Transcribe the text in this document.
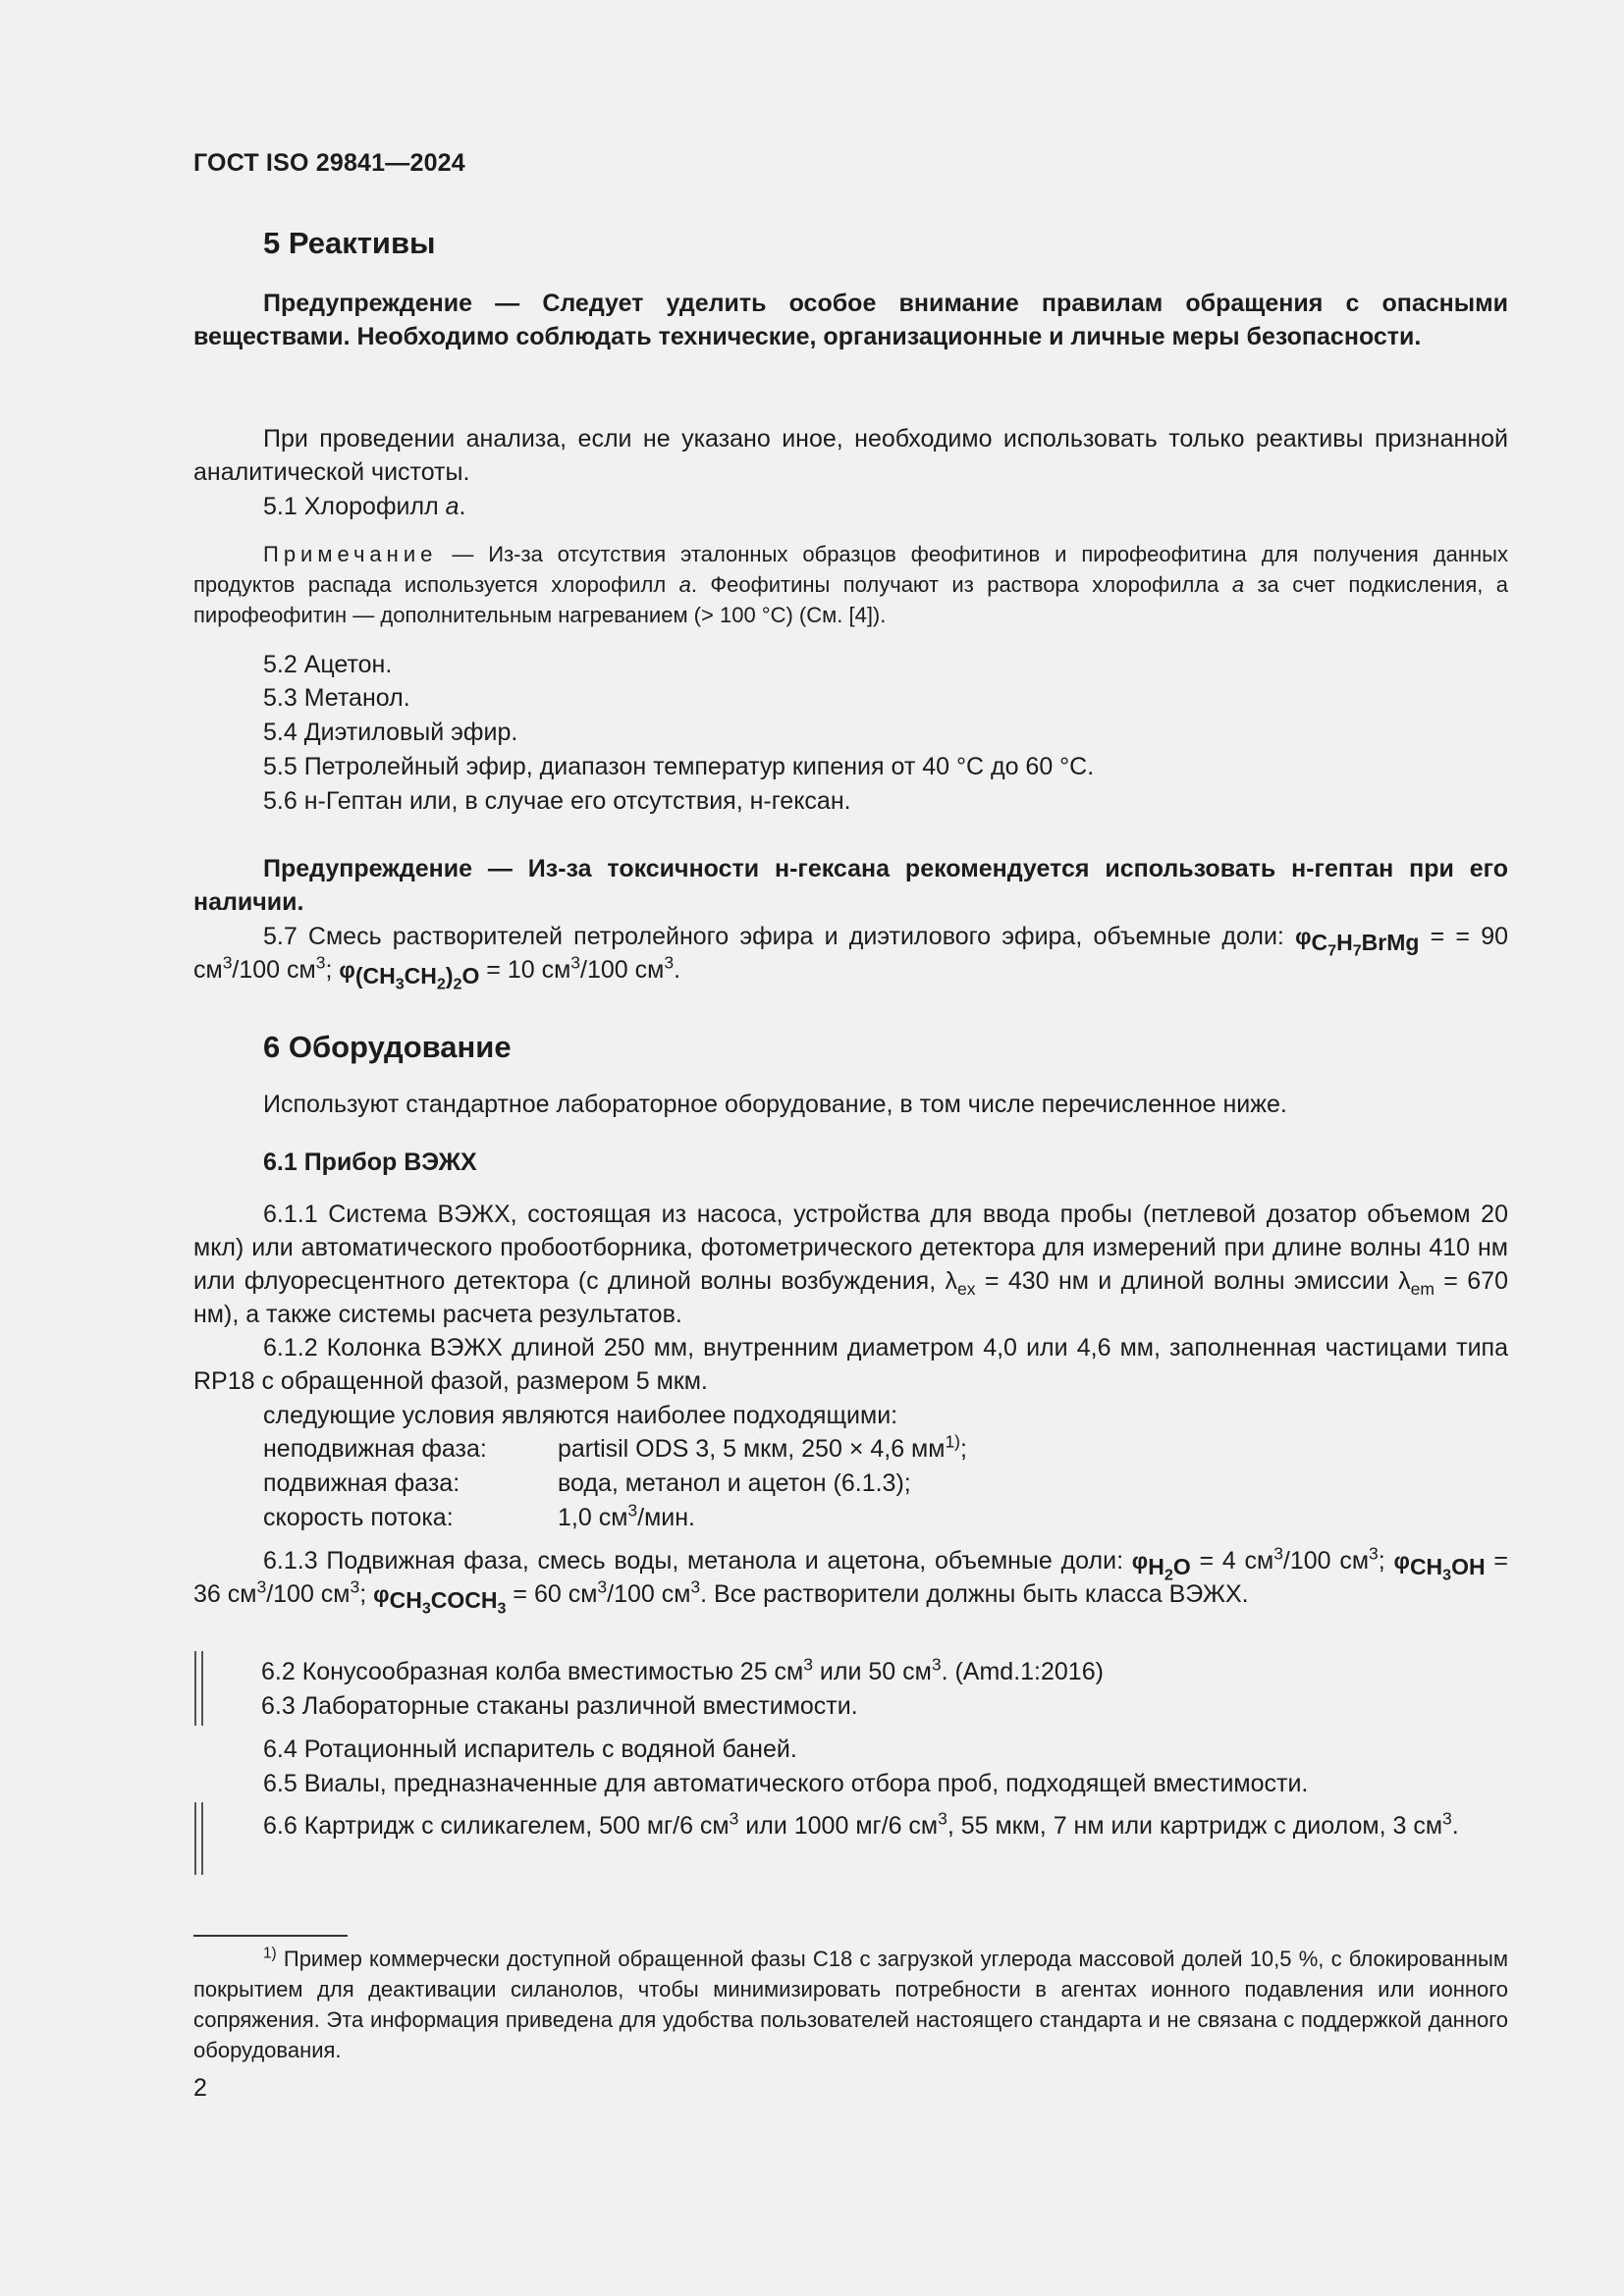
ГОСТ ISO 29841—2024
5 Реактивы
Предупреждение — Следует уделить особое внимание правилам обращения с опасными веществами. Необходимо соблюдать технические, организационные и личные меры безопасности.
При проведении анализа, если не указано иное, необходимо использовать только реактивы признанной аналитической чистоты.
5.1 Хлорофилл a.
Примечание — Из-за отсутствия эталонных образцов феофитинов и пирофеофитина для получения данных продуктов распада используется хлорофилл a. Феофитины получают из раствора хлорофилла a за счет подкисления, а пирофеофитин — дополнительным нагреванием (> 100 °C) (См. [4]).
5.2 Ацетон.
5.3 Метанол.
5.4 Диэтиловый эфир.
5.5 Петролейный эфир, диапазон температур кипения от 40 °C до 60 °C.
5.6 н-Гептан или, в случае его отсутствия, н-гексан.
Предупреждение — Из-за токсичности н-гексана рекомендуется использовать н-гептан при его наличии.
5.7 Смесь растворителей петролейного эфира и диэтилового эфира, объемные доли: $\varphi_{C_7H_7BrMg}$ = = 90 $см^3/100$ $см^3$; $\varphi_{(CH_3CH_2)_2O} = 10$ $см^3/100$ $см^3$.
6 Оборудование
Используют стандартное лабораторное оборудование, в том числе перечисленное ниже.
6.1 Прибор ВЭЖХ
6.1.1 Система ВЭЖХ, состоящая из насоса, устройства для ввода пробы (петлевой дозатор объемом 20 мкл) или автоматического пробоотборника, фотометрического детектора для измерений при длине волны 410 нм или флуоресцентного детектора (с длиной волны возбуждения, $\lambda_{ex} = 430$ нм и длиной волны эмиссии $\lambda_{em} = 670$ нм), а также системы расчета результатов.
6.1.2 Колонка ВЭЖХ длиной 250 мм, внутренним диаметром 4,0 или 4,6 мм, заполненная частицами типа RP18 с обращенной фазой, размером 5 мкм.
следующие условия являются наиболее подходящими:
неподвижная фаза:	partisil ODS 3, 5 мкм, 250 × 4,6 $мм^{1)}$;
подвижная фаза:	вода, метанол и ацетон (6.1.3);
скорость потока:	1,0 $см^3$/мин.
6.1.3 Подвижная фаза, смесь воды, метанола и ацетона, объемные доли: $\varphi_{H_2O} = 4$ $см^3/100$ $см^3$; $\varphi_{CH_3OH} = 36$ $см^3/100$ $см^3$; $\varphi_{CH_3COCH_3} = 60$ $см^3/100$ $см^3$. Все растворители должны быть класса ВЭЖХ.
6.2 Конусообразная колба вместимостью 25 $см^3$ или 50 $см^3$. (Amd.1:2016)
6.3 Лабораторные стаканы различной вместимости.
6.4 Ротационный испаритель с водяной баней.
6.5 Виалы, предназначенные для автоматического отбора проб, подходящей вместимости.
6.6 Картридж с силикагелем, 500 мг/6 $см^3$ или 1000 мг/6 $см^3$, 55 мкм, 7 нм или картридж с диолом, 3 $см^3$.
$^{1)}$ Пример коммерчески доступной обращенной фазы C18 с загрузкой углерода массовой долей 10,5 %, с блокированным покрытием для деактивации силанолов, чтобы минимизировать потребности в агентах ионного подавления или ионного сопряжения. Эта информация приведена для удобства пользователей настоящего стандарта и не связана с поддержкой данного оборудования.
2
